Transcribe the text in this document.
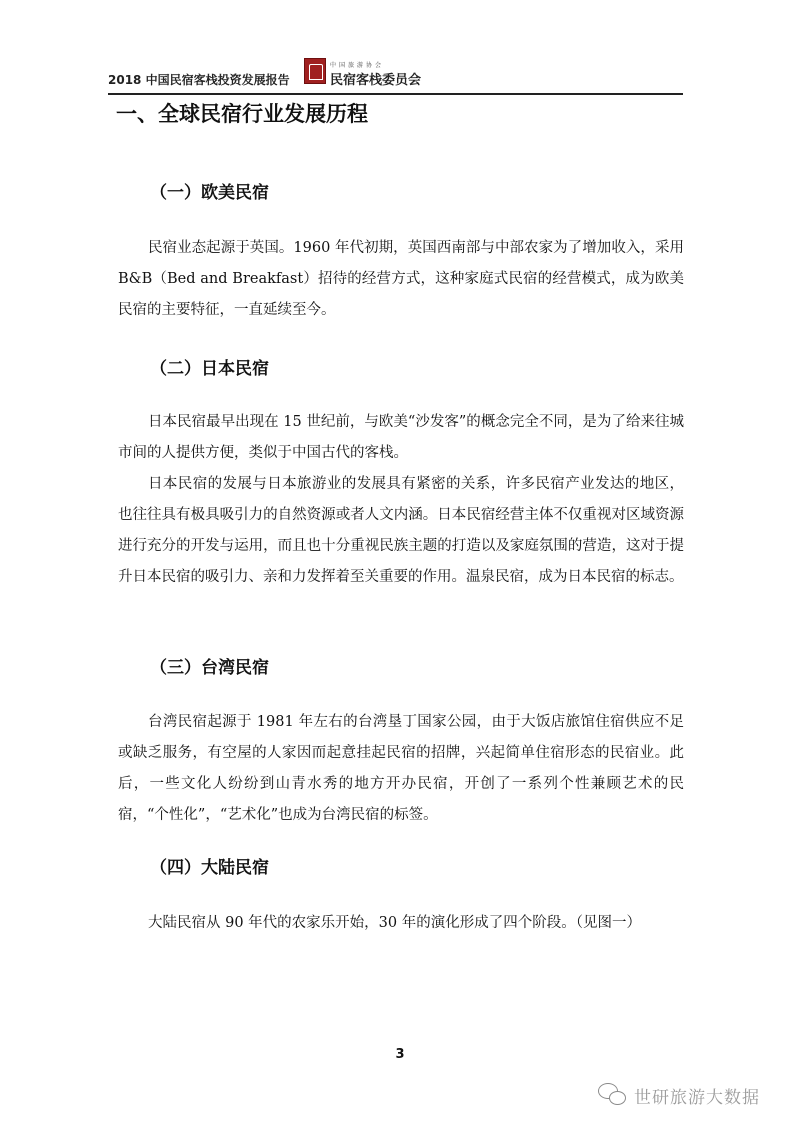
2018 中国民宿客栈投资发展报告
中国旅游协会
民宿客栈委员会
一、全球民宿行业发展历程
（一）欧美民宿

民宿业态起源于英国。1960 年代初期，英国西南部与中部农家为了增加收入，采用 B&B（Bed and Breakfast）招待的经营方式，这种家庭式民宿的经营模式，成为欧美民宿的主要特征，一直延续至今。

（二）日本民宿

日本民宿最早出现在 15 世纪前，与欧美“沙发客”的概念完全不同，是为了给来往城市间的人提供方便，类似于中国古代的客栈。

日本民宿的发展与日本旅游业的发展具有紧密的关系，许多民宿产业发达的地区，也往往具有极具吸引力的自然资源或者人文内涵。日本民宿经营主体不仅重视对区域资源进行充分的开发与运用，而且也十分重视民族主题的打造以及家庭氛围的营造，这对于提升日本民宿的吸引力、亲和力发挥着至关重要的作用。温泉民宿，成为日本民宿的标志。

（三）台湾民宿

台湾民宿起源于 1981 年左右的台湾垦丁国家公园，由于大饭店旅馆住宿供应不足或缺乏服务，有空屋的人家因而起意挂起民宿的招牌，兴起简单住宿形态的民宿业。此后，一些文化人纷纷到山青水秀的地方开办民宿，开创了一系列个性兼顾艺术的民宿，“个性化”，“艺术化”也成为台湾民宿的标签。

（四）大陆民宿

大陆民宿从 90 年代的农家乐开始，30 年的演化形成了四个阶段。（见图一）

3
世研旅游大数据
